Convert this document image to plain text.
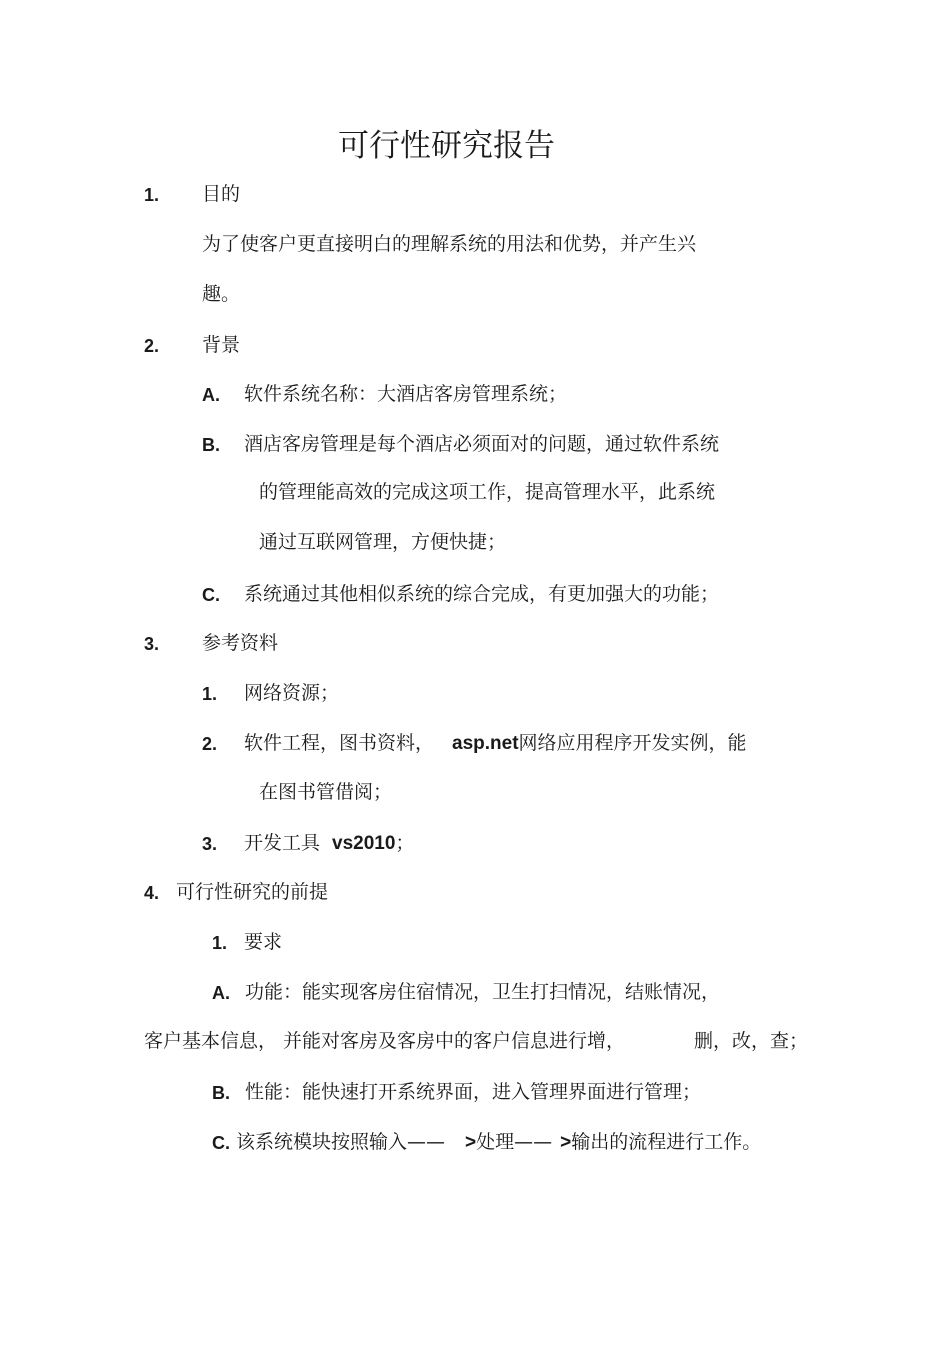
可行性研究报告
1. 目的
为了使客户更直接明白的理解系统的用法和优势，并产生兴
趣。
2. 背景
A. 软件系统名称：大酒店客房管理系统；
B. 酒店客房管理是每个酒店必须面对的问题，通过软件系统
的管理能高效的完成这项工作，提高管理水平，此系统
通过互联网管理，方便快捷；
C. 系统通过其他相似系统的综合完成，有更加强大的功能；
3. 参考资料
1. 网络资源；
2. 软件工程，图书资料， asp.net网络应用程序开发实例，能
在图书管借阅；
3. 开发工具 vs2010；
4. 可行性研究的前提
1. 要求
A. 功能：能实现客房住宿情况，卫生打扫情况，结账情况，
客户基本信息， 并能对客房及客房中的客户信息进行增，	删，改，查；
B. 性能：能快速打开系统界面，进入管理界面进行管理；
C. 该系统模块按照输入—— >处理—— >输出的流程进行工作。
